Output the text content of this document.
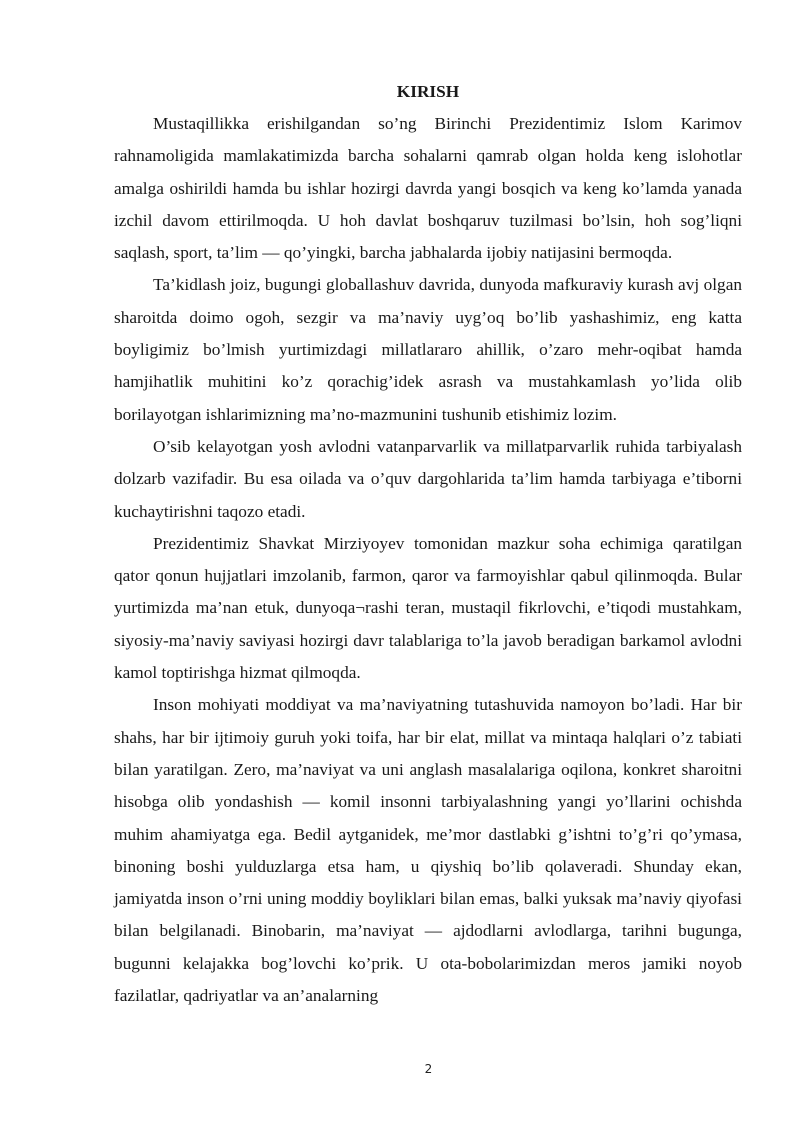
KIRISH

Mustaqillikka erishilgandan so’ng Birinchi Prezidentimiz Islom Karimov rahnamoligida mamlakatimizda barcha sohalarni qamrab olgan holda keng islohotlar amalga oshirildi hamda bu ishlar hozirgi davrda yangi bosqich va keng ko’lamda yanada izchil davom ettirilmoqda. U hoh davlat boshqaruv tuzilmasi bo’lsin, hoh sog’liqni saqlash, sport, ta’lim — qo’yingki, barcha jabhalarda ijobiy natijasini bermoqda.

Ta’kidlash joiz, bugungi globallashuv davrida, dunyoda mafkuraviy kurash avj olgan sharoitda doimo ogoh, sezgir va ma’naviy uyg’oq bo’lib yashashimiz, eng katta boyligimiz bo’lmish yurtimizdagi millatlararo ahillik, o’zaro mehr-oqibat hamda hamjihatlik muhitini ko’z qorachig’idek asrash va mustahkamlash yo’lida olib borilayotgan ishlarimizning ma’no-mazmunini tushunib etishimiz lozim.

O’sib kelayotgan yosh avlodni vatanparvarlik va millatparvarlik ruhida tarbiyalash dolzarb vazifadir. Bu esa oilada va o’quv dargohlarida ta’lim hamda tarbiyaga e’tiborni kuchaytirishni taqozo etadi.

Prezidentimiz Shavkat Mirziyoyev tomonidan mazkur soha echimiga qaratilgan qator qonun hujjatlari imzolanib, farmon, qaror va farmoyishlar qabul qilinmoqda. Bular yurtimizda ma’nan etuk, dunyoqa¬rashi teran, mustaqil fikrlovchi, e’tiqodi mustahkam, siyosiy-ma’naviy saviyasi hozirgi davr talablariga to’la javob beradigan barkamol avlodni kamol toptirishga hizmat qilmoqda.

Inson mohiyati moddiyat va ma’naviyatning tutashuvida namoyon bo’ladi. Har bir shahs, har bir ijtimoiy guruh yoki toifa, har bir elat, millat va mintaqa halqlari o’z tabiati bilan yaratilgan. Zero, ma’naviyat va uni anglash masalalariga oqilona, konkret sharoitni hisobga olib yondashish — komil insonni tarbiyalashning yangi yo’llarini ochishda muhim ahamiyatga ega. Bedil aytganidek, me’mor dastlabki g’ishtni to’g’ri qo’ymasa, binoning boshi yulduzlarga etsa ham, u qiyshiq bo’lib qolaveradi. Shunday ekan, jamiyatda inson o’rni uning moddiy boyliklari bilan emas, balki yuksak ma’naviy qiyofasi bilan belgilanadi. Binobarin, ma’naviyat — ajdodlarni avlodlarga, tarihni bugunga, bugunni kelajakka bog’lovchi ko’prik. U ota-bobolarimizdan meros jamiki noyob fazilatlar, qadriyatlar va an’analarning

2
